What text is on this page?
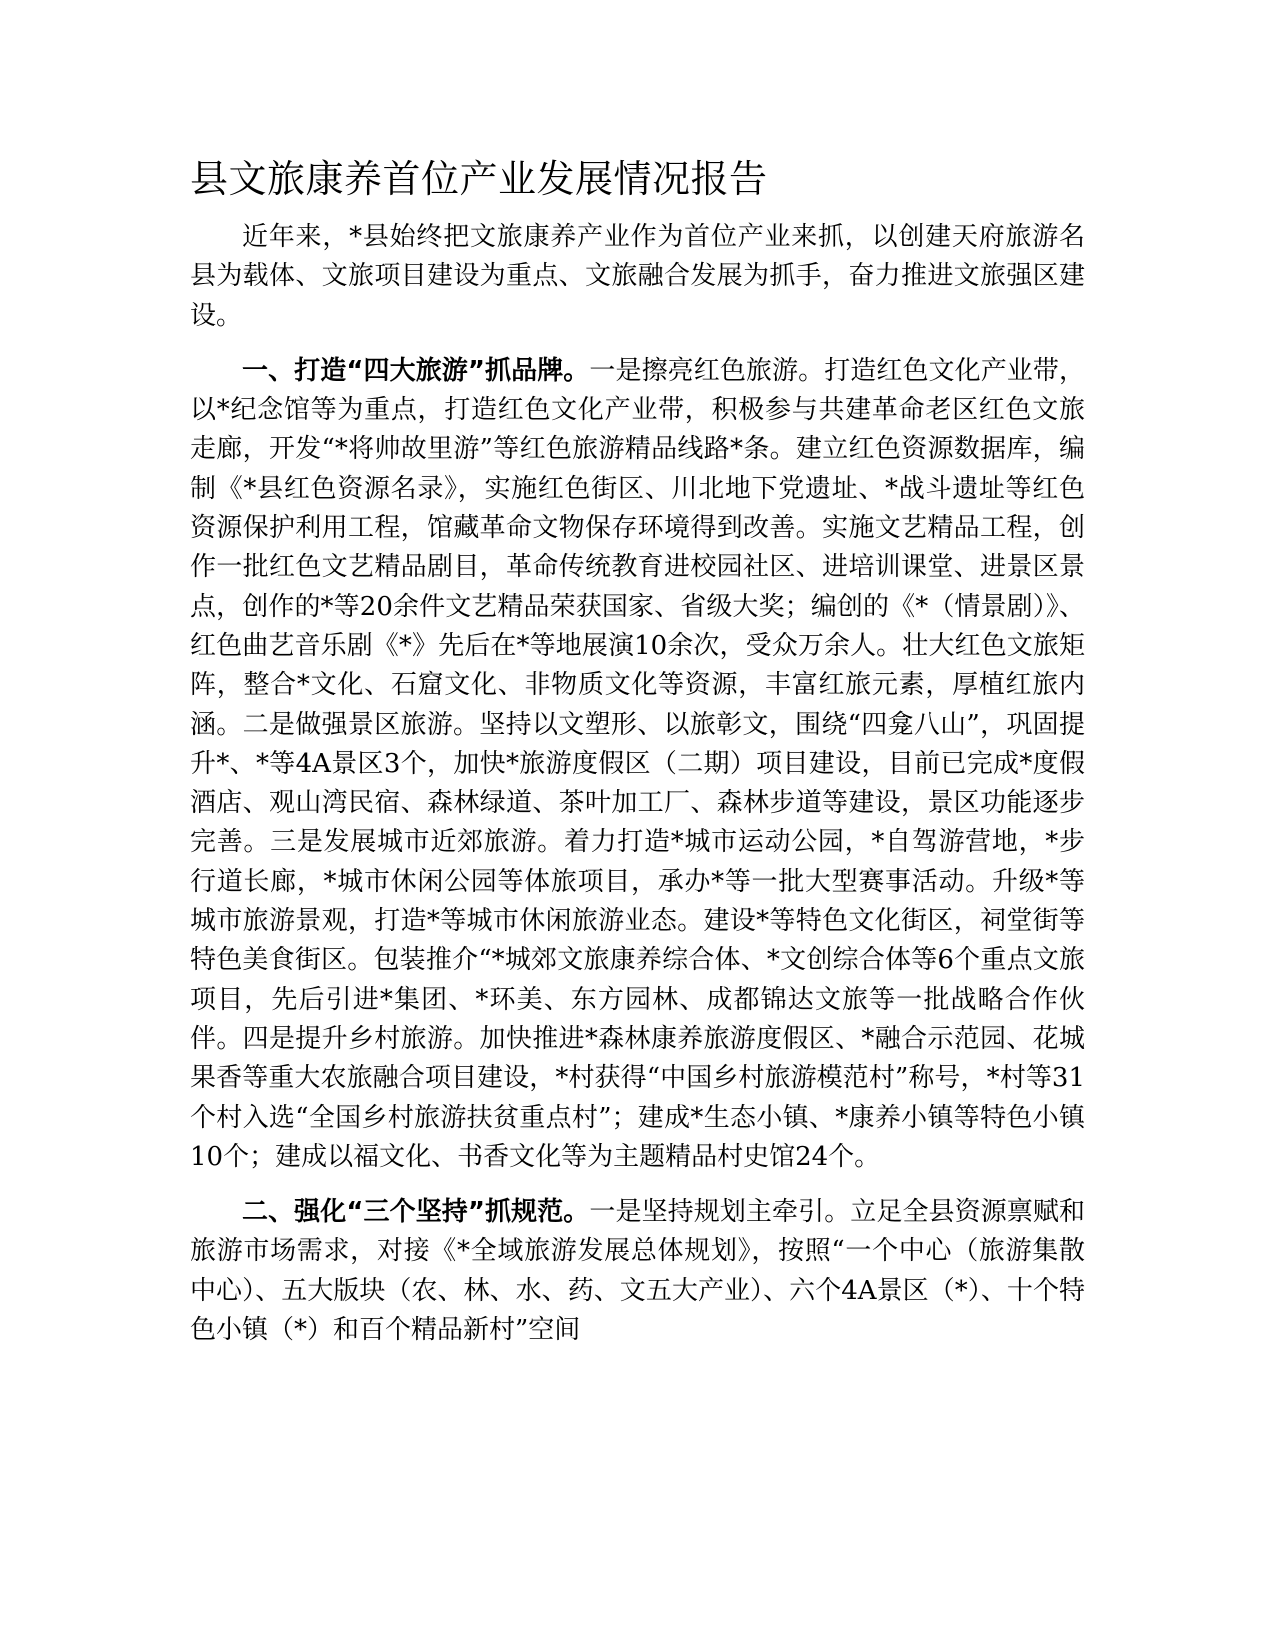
县文旅康养首位产业发展情况报告

近年来，*县始终把文旅康养产业作为首位产业来抓，以创建天府旅游名县为载体、文旅项目建设为重点、文旅融合发展为抓手，奋力推进文旅强区建设。

一、打造“四大旅游”抓品牌。一是擦亮红色旅游。打造红色文化产业带，以*纪念馆等为重点，打造红色文化产业带，积极参与共建革命老区红色文旅走廊，开发“*将帅故里游”等红色旅游精品线路*条。建立红色资源数据库，编制《*县红色资源名录》，实施红色街区、川北地下党遗址、*战斗遗址等红色资源保护利用工程，馆藏革命文物保存环境得到改善。实施文艺精品工程，创作一批红色文艺精品剧目，革命传统教育进校园社区、进培训课堂、进景区景点，创作的*等20余件文艺精品荣获国家、省级大奖；编创的《*（情景剧）》、红色曲艺音乐剧《*》先后在*等地展演10余次，受众万余人。壮大红色文旅矩阵，整合*文化、石窟文化、非物质文化等资源，丰富红旅元素，厚植红旅内涵。二是做强景区旅游。坚持以文塑形、以旅彰文，围绕“四龛八山”，巩固提升*、*等4A景区3个，加快*旅游度假区（二期）项目建设，目前已完成*度假酒店、观山湾民宿、森林绿道、茶叶加工厂、森林步道等建设，景区功能逐步完善。三是发展城市近郊旅游。着力打造*城市运动公园，*自驾游营地，*步行道长廊，*城市休闲公园等体旅项目，承办*等一批大型赛事活动。升级*等城市旅游景观，打造*等城市休闲旅游业态。建设*等特色文化街区，祠堂街等特色美食街区。包装推介“*城郊文旅康养综合体、*文创综合体等6个重点文旅项目，先后引进*集团、*环美、东方园林、成都锦达文旅等一批战略合作伙伴。四是提升乡村旅游。加快推进*森林康养旅游度假区、*融合示范园、花城果香等重大农旅融合项目建设，*村获得“中国乡村旅游模范村”称号，*村等31个村入选“全国乡村旅游扶贫重点村”；建成*生态小镇、*康养小镇等特色小镇10个；建成以福文化、书香文化等为主题精品村史馆24个。

二、强化“三个坚持”抓规范。一是坚持规划主牵引。立足全县资源禀赋和旅游市场需求，对接《*全域旅游发展总体规划》，按照“一个中心（旅游集散中心）、五大版块（农、林、水、药、文五大产业）、六个4A景区（*）、十个特色小镇（*）和百个精品新村”空间
